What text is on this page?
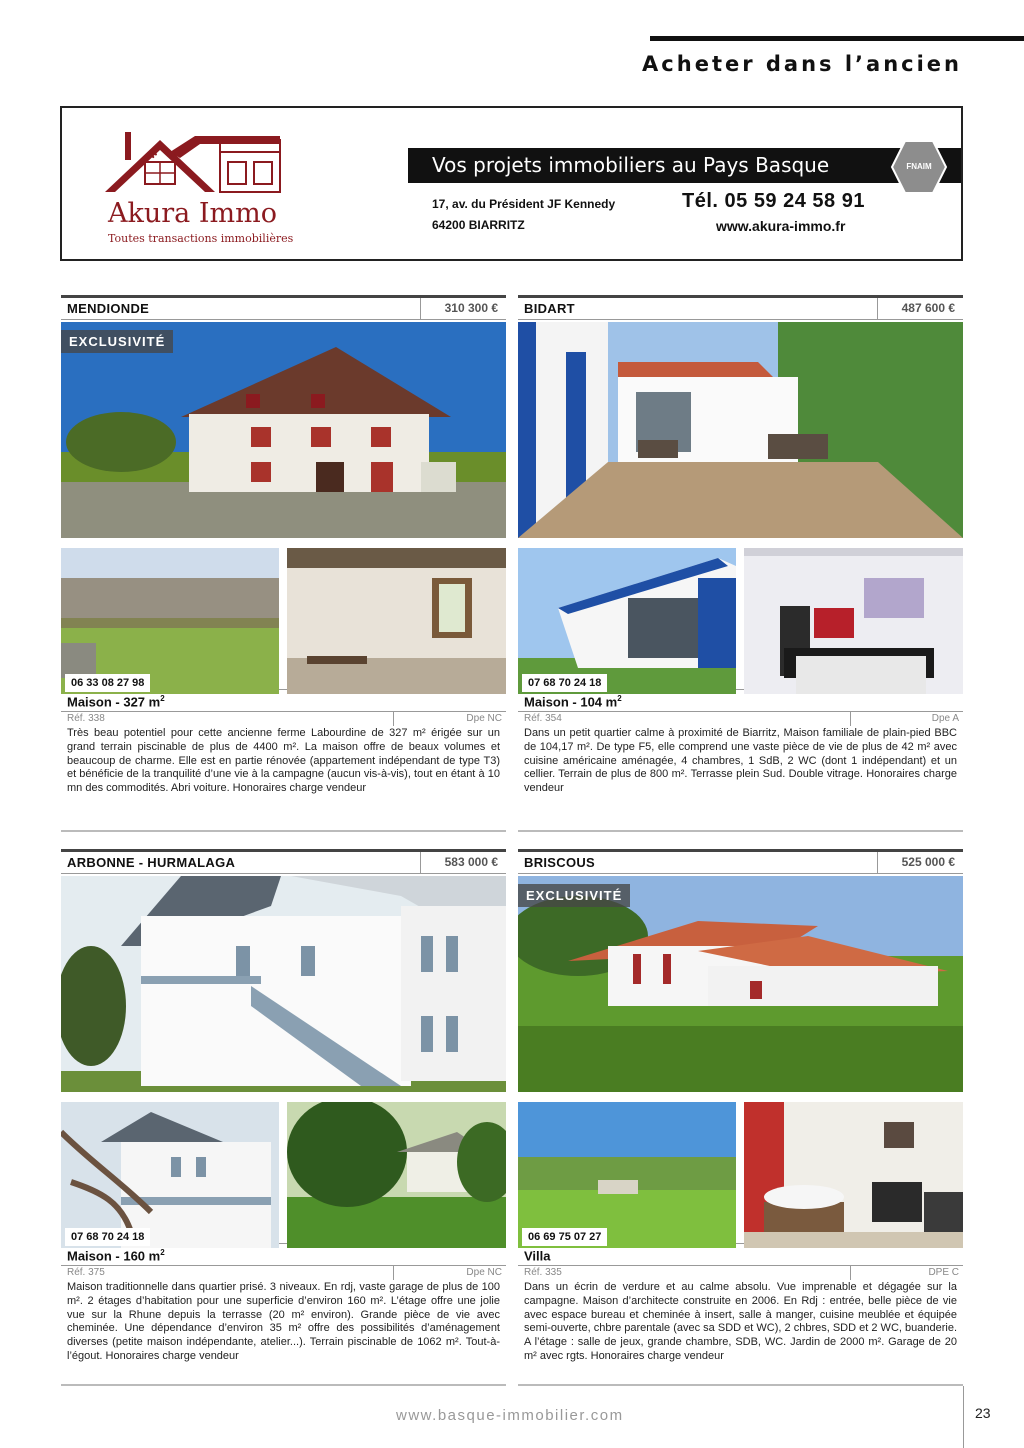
Acheter dans l’ancien
✣
Akura Immo
Toutes transactions immobilières
Vos projets immobiliers au Pays Basque	FNAIM
17, av. du Président JF Kennedy
64200 BIARRITZ
Tél. 05 59 24 58 91
www.akura-immo.fr
MENDIONDE	310 300 €
EXCLUSIVITÉ
06 33 08 27 98
Maison - 327 $m^2$
Réf. 338	Dpe NC
Très beau potentiel pour cette ancienne ferme Labourdine de 327 m² érigée sur un grand terrain piscinable de plus de 4400 m². La maison offre de beaux volumes et beaucoup de charme. Elle est en partie rénovée (appartement indépendant de type T3) et bénéficie de la tranquilité d’une vie à la campagne (aucun vis-à-vis), tout en étant à 10 mn des commodités. Abri voiture. Honoraires charge vendeur
BIDART	487 600 €
07 68 70 24 18
Maison - 104 $m^2$
Réf. 354	Dpe A
Dans un petit quartier calme à proximité de Biarritz, Maison familiale de plain-pied BBC de 104,17 m². De type F5, elle comprend une vaste pièce de vie de plus de 42 m² avec cuisine américaine aménagée, 4 chambres, 1 SdB, 2 WC (dont 1 indépendant) et un cellier. Terrain de plus de 800 m². Terrasse plein Sud. Double vitrage. Honoraires charge vendeur
ARBONNE - HURMALAGA	583 000 €
07 68 70 24 18
Maison - 160 $m^2$
Réf. 375	Dpe NC
Maison traditionnelle dans quartier prisé. 3 niveaux. En rdj, vaste garage de plus de 100 m². 2 étages d’habitation pour une superficie d’environ 160 m². L’étage offre une jolie vue sur la Rhune depuis la terrasse (20 m² environ). Grande pièce de vie avec cheminée. Une dépendance d’environ 35 m² offre des possibilités d’aménagement diverses (petite maison indépendante, atelier...). Terrain piscinable de 1062 m². Tout-à-l’égout. Honoraires charge vendeur
BRISCOUS	525 000 €
EXCLUSIVITÉ
06 69 75 07 27
Villa
Réf. 335	DPE C
Dans un écrin de verdure et au calme absolu. Vue imprenable et dégagée sur la campagne. Maison d’architecte construite en 2006. En Rdj : entrée, belle pièce de vie avec espace bureau et cheminée à insert, salle à manger, cuisine meublée et équipée semi-ouverte, chbre parentale (avec sa SDD et WC), 2 chbres, SDD et 2 WC, buanderie. A l’étage : salle de jeux, grande chambre, SDB, WC. Jardin de 2000 m². Garage de 20 m² avec rgts. Honoraires charge vendeur
www.basque-immobilier.com	23
